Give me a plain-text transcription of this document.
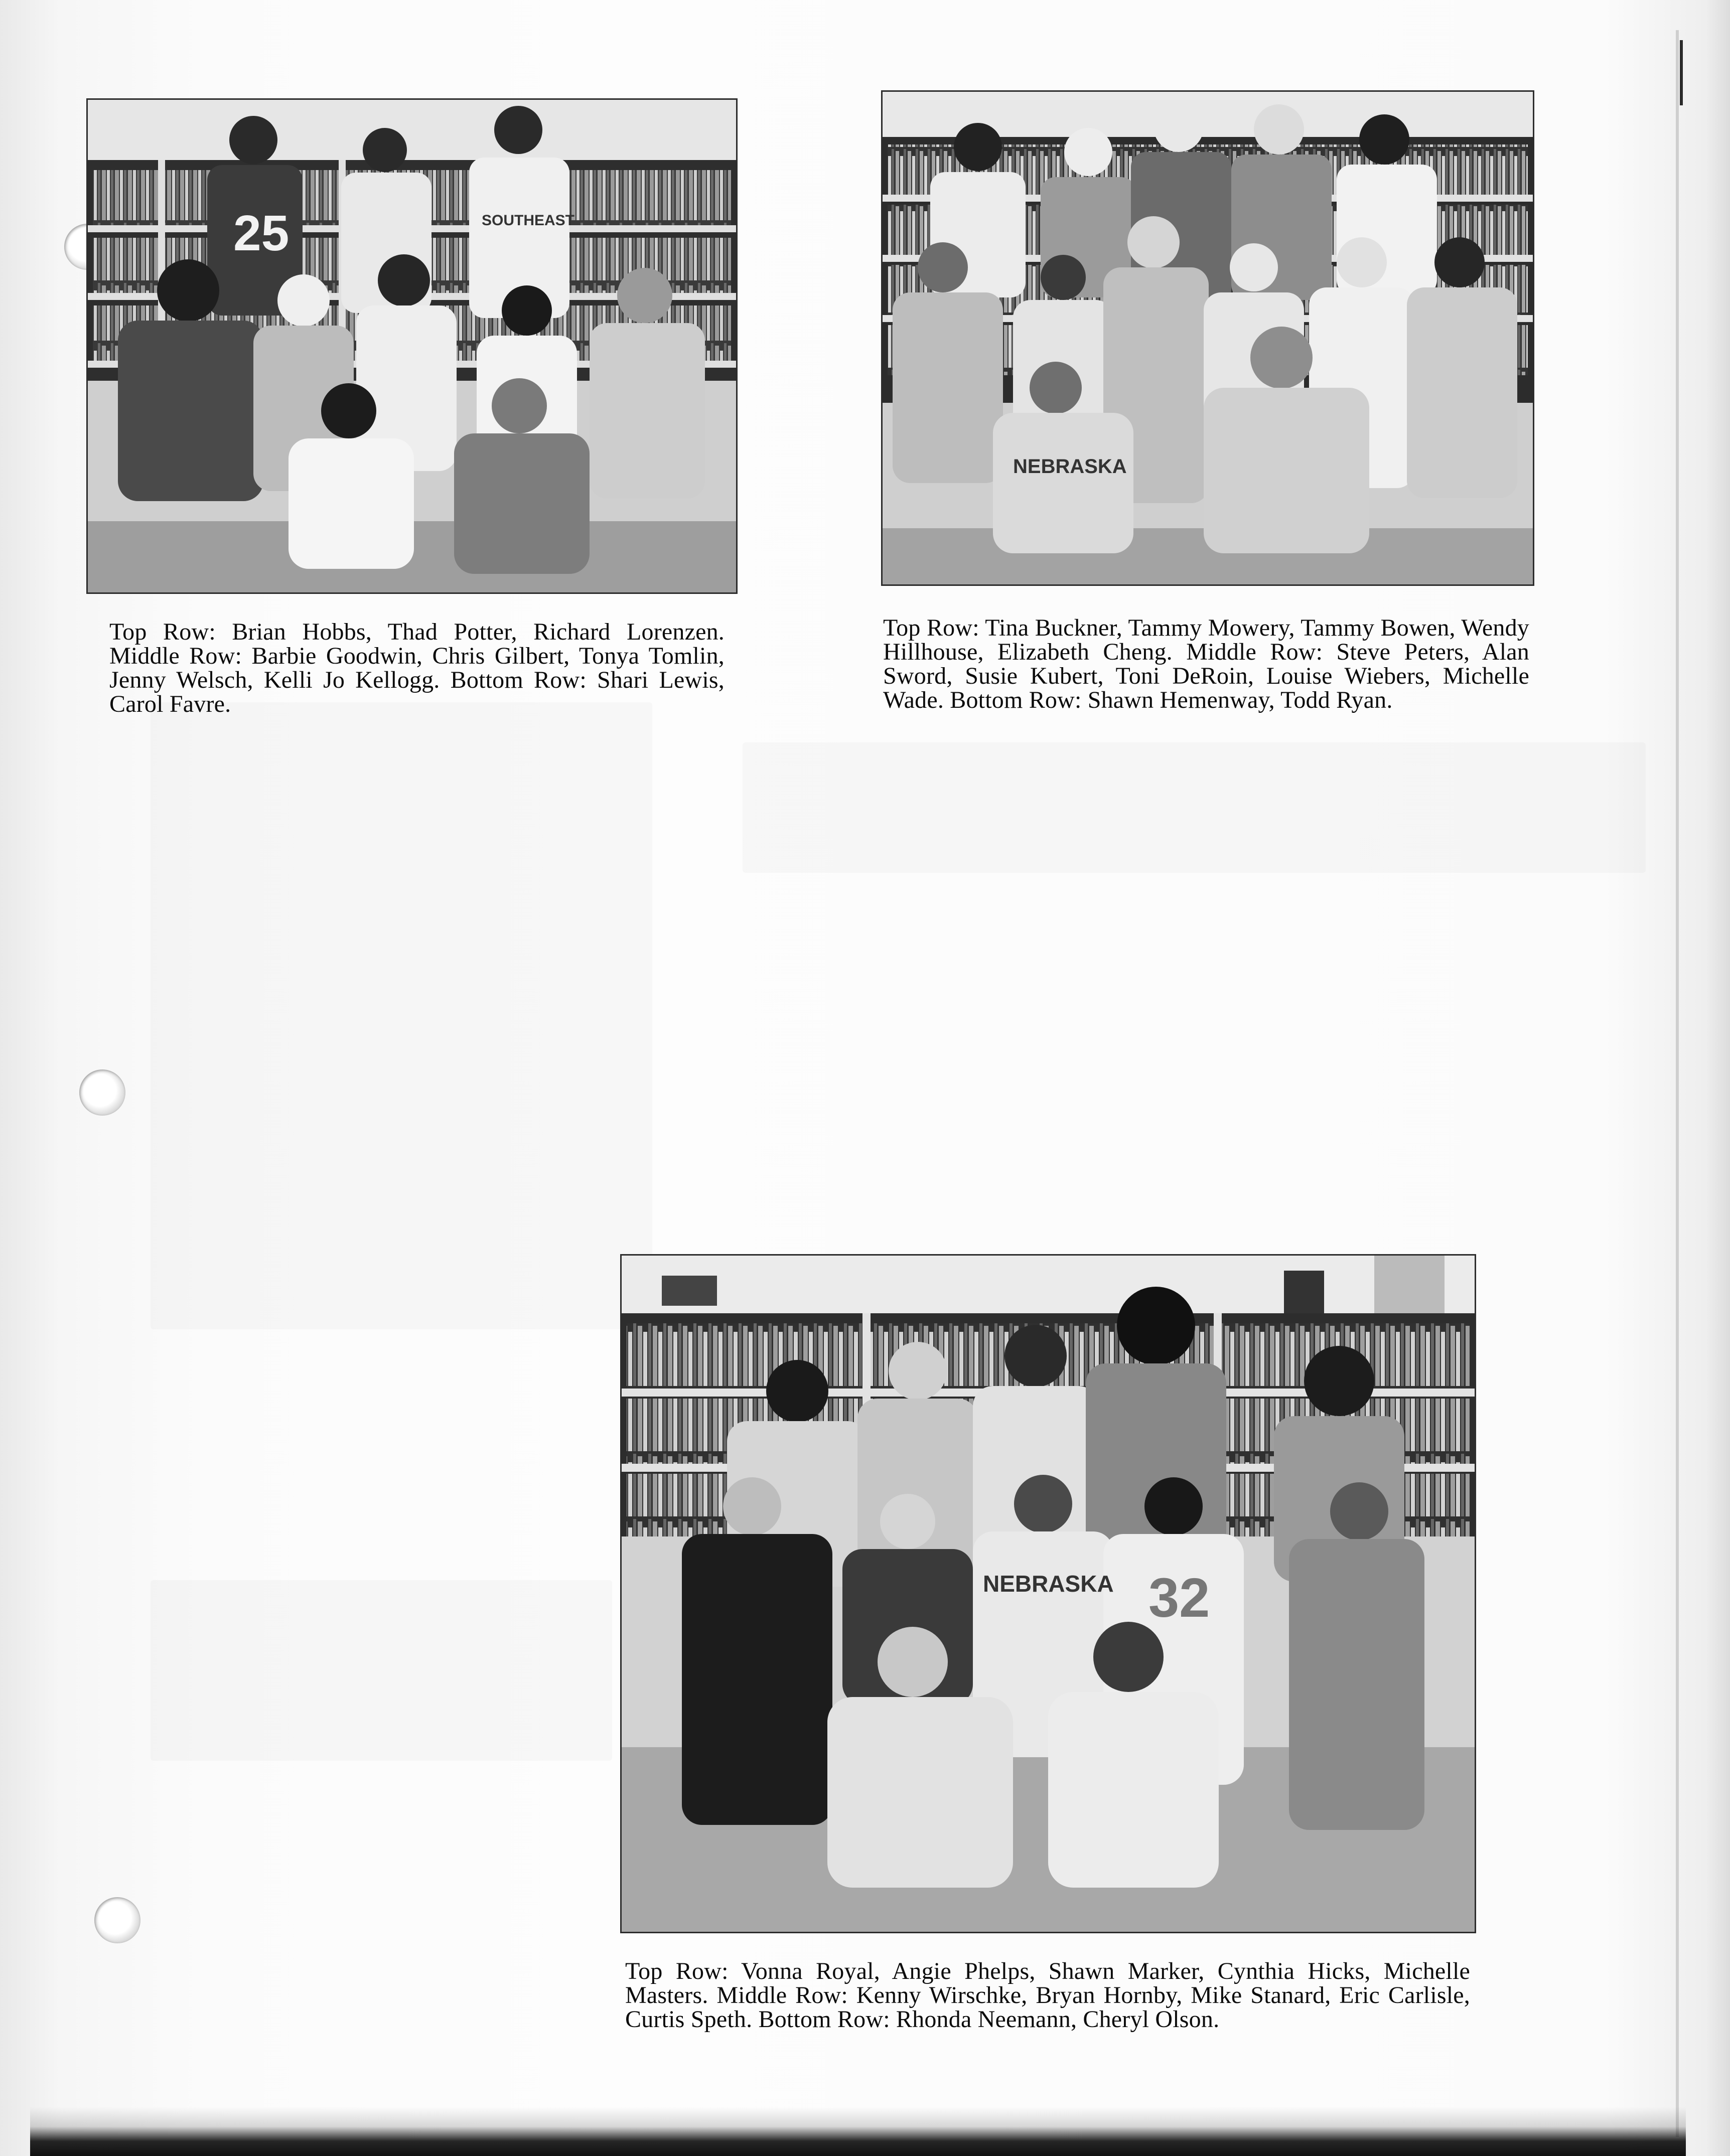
25	SOUTHEAST

Top Row: Brian Hobbs, Thad Potter, Richard Lorenzen. Middle Row: Barbie Goodwin, Chris Gilbert, Tonya Tomlin, Jenny Welsch, Kelli Jo Kellogg. Bottom Row: Shari Lewis, Carol Favre.

NEBRASKA

Top Row: Tina Buckner, Tammy Mowery, Tammy Bowen, Wendy Hillhouse, Elizabeth Cheng. Middle Row: Steve Peters, Alan Sword, Susie Kubert, Toni DeRoin, Louise Wiebers, Michelle Wade. Bottom Row: Shawn Hemenway, Todd Ryan.

NEBRASKA 32

Top Row: Vonna Royal, Angie Phelps, Shawn Marker, Cynthia Hicks, Michelle Masters. Middle Row: Kenny Wirschke, Bryan Hornby, Mike Stanard, Eric Carlisle, Curtis Speth. Bottom Row: Rhonda Neemann, Cheryl Olson.
